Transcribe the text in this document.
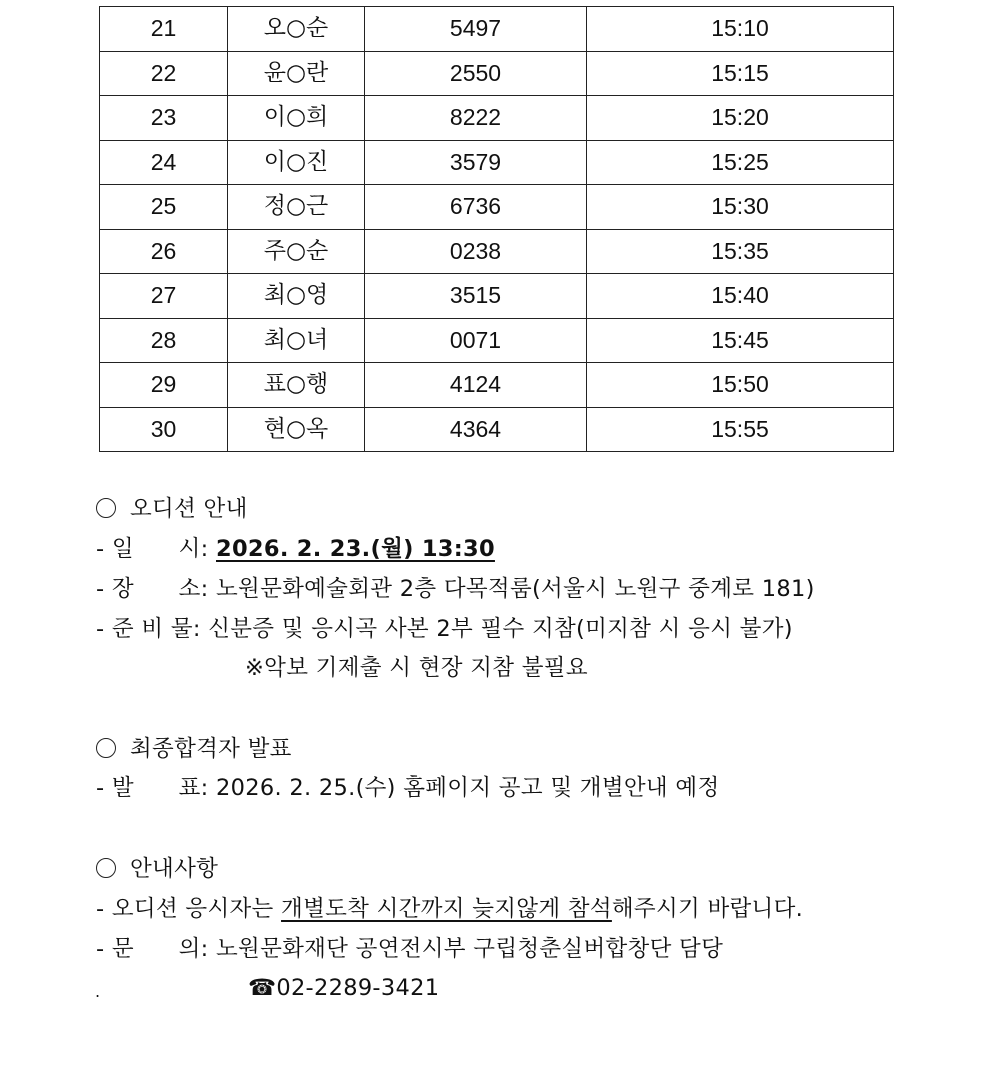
21	오○순	5497	15:10
22	윤○란	2550	15:15
23	이○희	8222	15:20
24	이○진	3579	15:25
25	정○근	6736	15:30
26	주○순	0238	15:35
27	최○영	3515	15:40
28	최○녀	0071	15:45
29	표○행	4124	15:50
30	현○옥	4364	15:55
오디션 안내
- 일      시: 2026. 2. 23.(월) 13:30
- 장      소: 노원문화예술회관 2층 다목적룸(서울시 노원구 중계로 181)
- 준 비 물: 신분증 및 응시곡 사본 2부 필수 지참(미지참 시 응시 불가)
※악보 기제출 시 현장 지참 불필요
최종합격자 발표
- 발      표: 2026. 2. 25.(수) 홈페이지 공고 및 개별안내 예정
안내사항
- 오디션 응시자는 개별도착 시간까지 늦지않게 참석해주시기 바랍니다.
- 문      의: 노원문화재단 공연전시부 구립청춘실버합창단 담당
☎02-2289-3421
.
